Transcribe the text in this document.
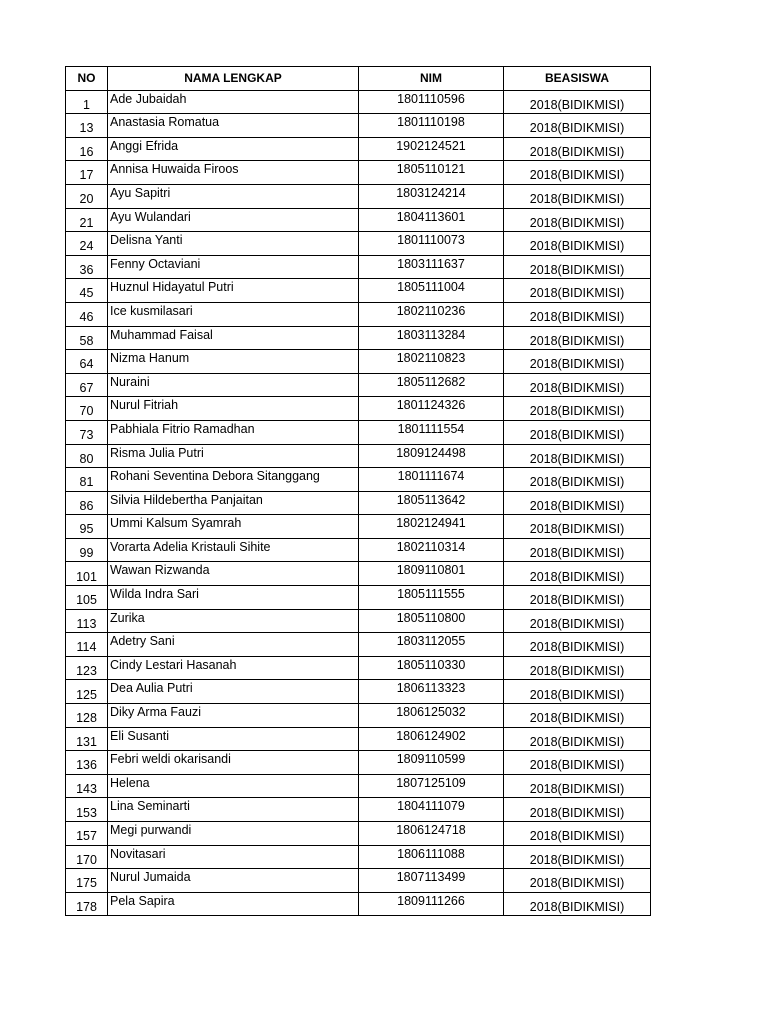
NO	NAMA LENGKAP	NIM	BEASISWA
1	Ade Jubaidah	1801110596	2018(BIDIKMISI)
13	Anastasia Romatua	1801110198	2018(BIDIKMISI)
16	Anggi Efrida	1902124521	2018(BIDIKMISI)
17	Annisa Huwaida Firoos	1805110121	2018(BIDIKMISI)
20	Ayu Sapitri	1803124214	2018(BIDIKMISI)
21	Ayu Wulandari	1804113601	2018(BIDIKMISI)
24	Delisna Yanti	1801110073	2018(BIDIKMISI)
36	Fenny Octaviani	1803111637	2018(BIDIKMISI)
45	Huznul Hidayatul Putri	1805111004	2018(BIDIKMISI)
46	Ice kusmilasari	1802110236	2018(BIDIKMISI)
58	Muhammad Faisal	1803113284	2018(BIDIKMISI)
64	Nizma Hanum	1802110823	2018(BIDIKMISI)
67	Nuraini	1805112682	2018(BIDIKMISI)
70	Nurul Fitriah	1801124326	2018(BIDIKMISI)
73	Pabhiala Fitrio Ramadhan	1801111554	2018(BIDIKMISI)
80	Risma Julia Putri	1809124498	2018(BIDIKMISI)
81	Rohani Seventina Debora Sitanggang	1801111674	2018(BIDIKMISI)
86	Silvia Hildebertha Panjaitan	1805113642	2018(BIDIKMISI)
95	Ummi Kalsum Syamrah	1802124941	2018(BIDIKMISI)
99	Vorarta Adelia Kristauli Sihite	1802110314	2018(BIDIKMISI)
101	Wawan Rizwanda	1809110801	2018(BIDIKMISI)
105	Wilda Indra Sari	1805111555	2018(BIDIKMISI)
113	Zurika	1805110800	2018(BIDIKMISI)
114	Adetry Sani	1803112055	2018(BIDIKMISI)
123	Cindy Lestari Hasanah	1805110330	2018(BIDIKMISI)
125	Dea Aulia Putri	1806113323	2018(BIDIKMISI)
128	Diky Arma Fauzi	1806125032	2018(BIDIKMISI)
131	Eli Susanti	1806124902	2018(BIDIKMISI)
136	Febri weldi okarisandi	1809110599	2018(BIDIKMISI)
143	Helena	1807125109	2018(BIDIKMISI)
153	Lina Seminarti	1804111079	2018(BIDIKMISI)
157	Megi purwandi	1806124718	2018(BIDIKMISI)
170	Novitasari	1806111088	2018(BIDIKMISI)
175	Nurul Jumaida	1807113499	2018(BIDIKMISI)
178	Pela Sapira	1809111266	2018(BIDIKMISI)
